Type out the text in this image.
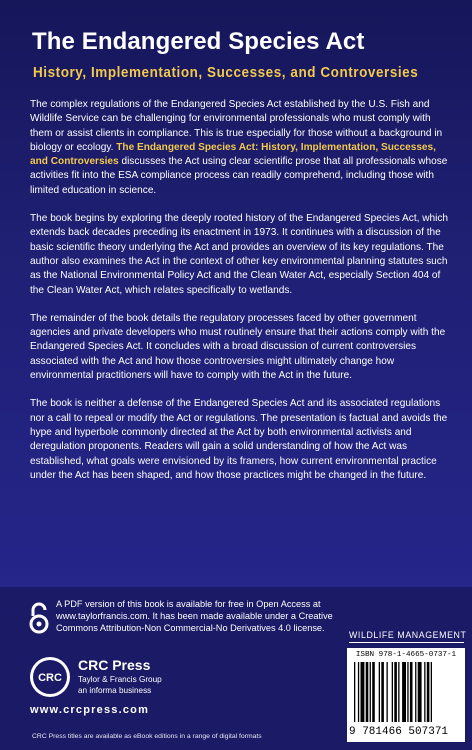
The Endangered Species Act
History, Implementation, Successes, and Controversies

The complex regulations of the Endangered Species Act established by the U.S. Fish and Wildlife Service can be challenging for environmental professionals who must comply with them or assist clients in compliance. This is true especially for those without a background in biology or ecology. The Endangered Species Act: History, Implementation, Successes, and Controversies discusses the Act using clear scientific prose that all professionals whose activities fit into the ESA compliance process can readily comprehend, including those with limited education in science.

The book begins by exploring the deeply rooted history of the Endangered Species Act, which extends back decades preceding its enactment in 1973. It continues with a discussion of the basic scientific theory underlying the Act and provides an overview of its key regulations. The author also examines the Act in the context of other key environmental planning statutes such as the National Environmental Policy Act and the Clean Water Act, especially Section 404 of the Clean Water Act, which relates specifically to wetlands.

The remainder of the book details the regulatory processes faced by other government agencies and private developers who must routinely ensure that their actions comply with the Endangered Species Act. It concludes with a broad discussion of current controversies associated with the Act and how those controversies might ultimately change how environmental practitioners will have to comply with the Act in the future.

The book is neither a defense of the Endangered Species Act and its associated regulations nor a call to repeal or modify the Act or regulations. The presentation is factual and avoids the hype and hyperbole commonly directed at the Act by both environmental activists and deregulation proponents. Readers will gain a solid understanding of how the Act was established, what goals were envisioned by its framers, how current environmental practice under the Act has been shaped, and how those practices might be changed in the future.

A PDF version of this book is available for free in Open Access at www.taylorfrancis.com. It has been made available under a Creative Commons Attribution-Non Commercial-No Derivatives 4.0 license.
CRC
CRC Press
Taylor & Francis Group
an informa business
www.crcpress.com
CRC Press titles are available as eBook editions in a range of digital formats
WILDLIFE MANAGEMENT
ISBN 978-1-4665-0737-1
9 781466 507371
